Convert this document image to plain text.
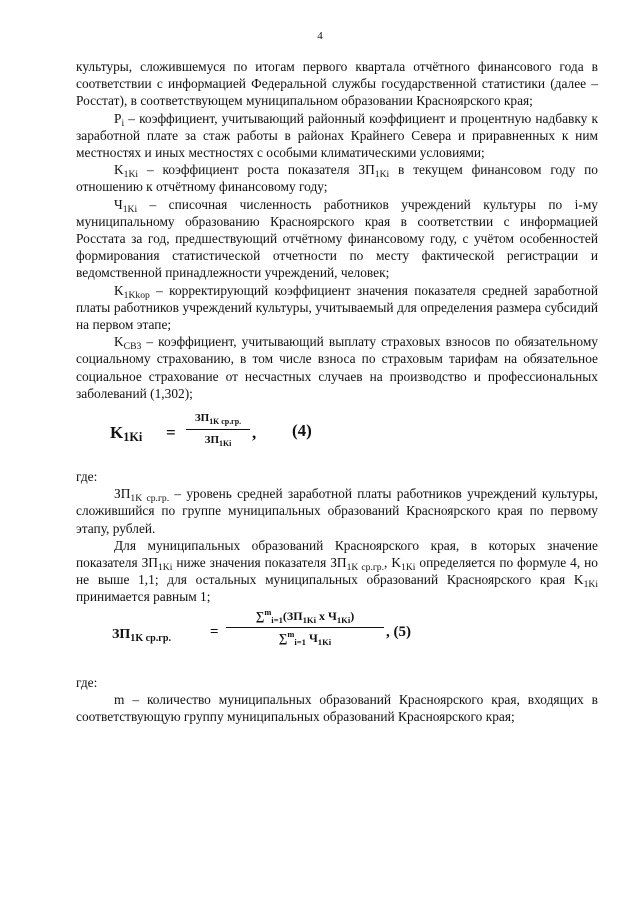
4

культуры, сложившемуся по итогам первого квартала отчётного финансового года в соответствии с информацией Федеральной службы государственной статистики (далее – Росстат), в соответствующем муниципальном образовании Красноярского края;

$P_i$ – коэффициент, учитывающий районный коэффициент и процентную надбавку к заработной плате за стаж работы в районах Крайнего Севера и приравненных к ним местностях и иных местностях с особыми климатическими условиями;

$K_{1Ki}$ – коэффициент роста показателя $ЗП_{1Ki}$ в текущем финансовом году по отношению к отчётному финансовому году;

$Ч_{1Ki}$ – списочная численность работников учреждений культуры по i-му муниципальному образованию Красноярского края в соответствии с информацией Росстата за год, предшествующий отчётному финансовому году, с учётом особенностей формирования статистической отчетности по месту фактической регистрации и ведомственной принадлежности учреждений, человек;

$K_{1Kkop}$ – корректирующий коэффициент значения показателя средней заработной платы работников учреждений культуры, учитываемый для определения размера субсидий на первом этапе;

$K_{CB3}$ – коэффициент, учитывающий выплату страховых взносов по обязательному социальному страхованию, в том числе взноса по страховым тарифам на обязательное социальное страхование от несчастных случаев на производство и профессиональных заболеваний (1,302);

$K_{1Ki}$ =
$ЗП_{1K ср.гр.}$
$ЗП_{1Ki}$
, (4)

где:

$ЗП_{1K ср.гр.}$ – уровень средней заработной платы работников учреждений культуры, сложившийся по группе муниципальных образований Красноярского края по первому этапу, рублей.

Для муниципальных образований Красноярского края, в которых значение показателя $ЗП_{1Ki}$ ниже значения показателя $ЗП_{1K ср.гр.}$, $K_{1Ki}$ определяется по формуле 4, но не выше 1,1; для остальных муниципальных образований Красноярского края $K_{1Ki}$ принимается равным 1;

$ЗП_{1K ср.гр.}$	=
$\sum^m_{i=1}(ЗП_{1Ki}$ x $Ч_{1Ki}$)
∑$^m_{i=1}$ $Ч_{1Ki}$
, (5)

где:

m – количество муниципальных образований Красноярского края, входящих в соответствующую группу муниципальных образований Красноярского края;
